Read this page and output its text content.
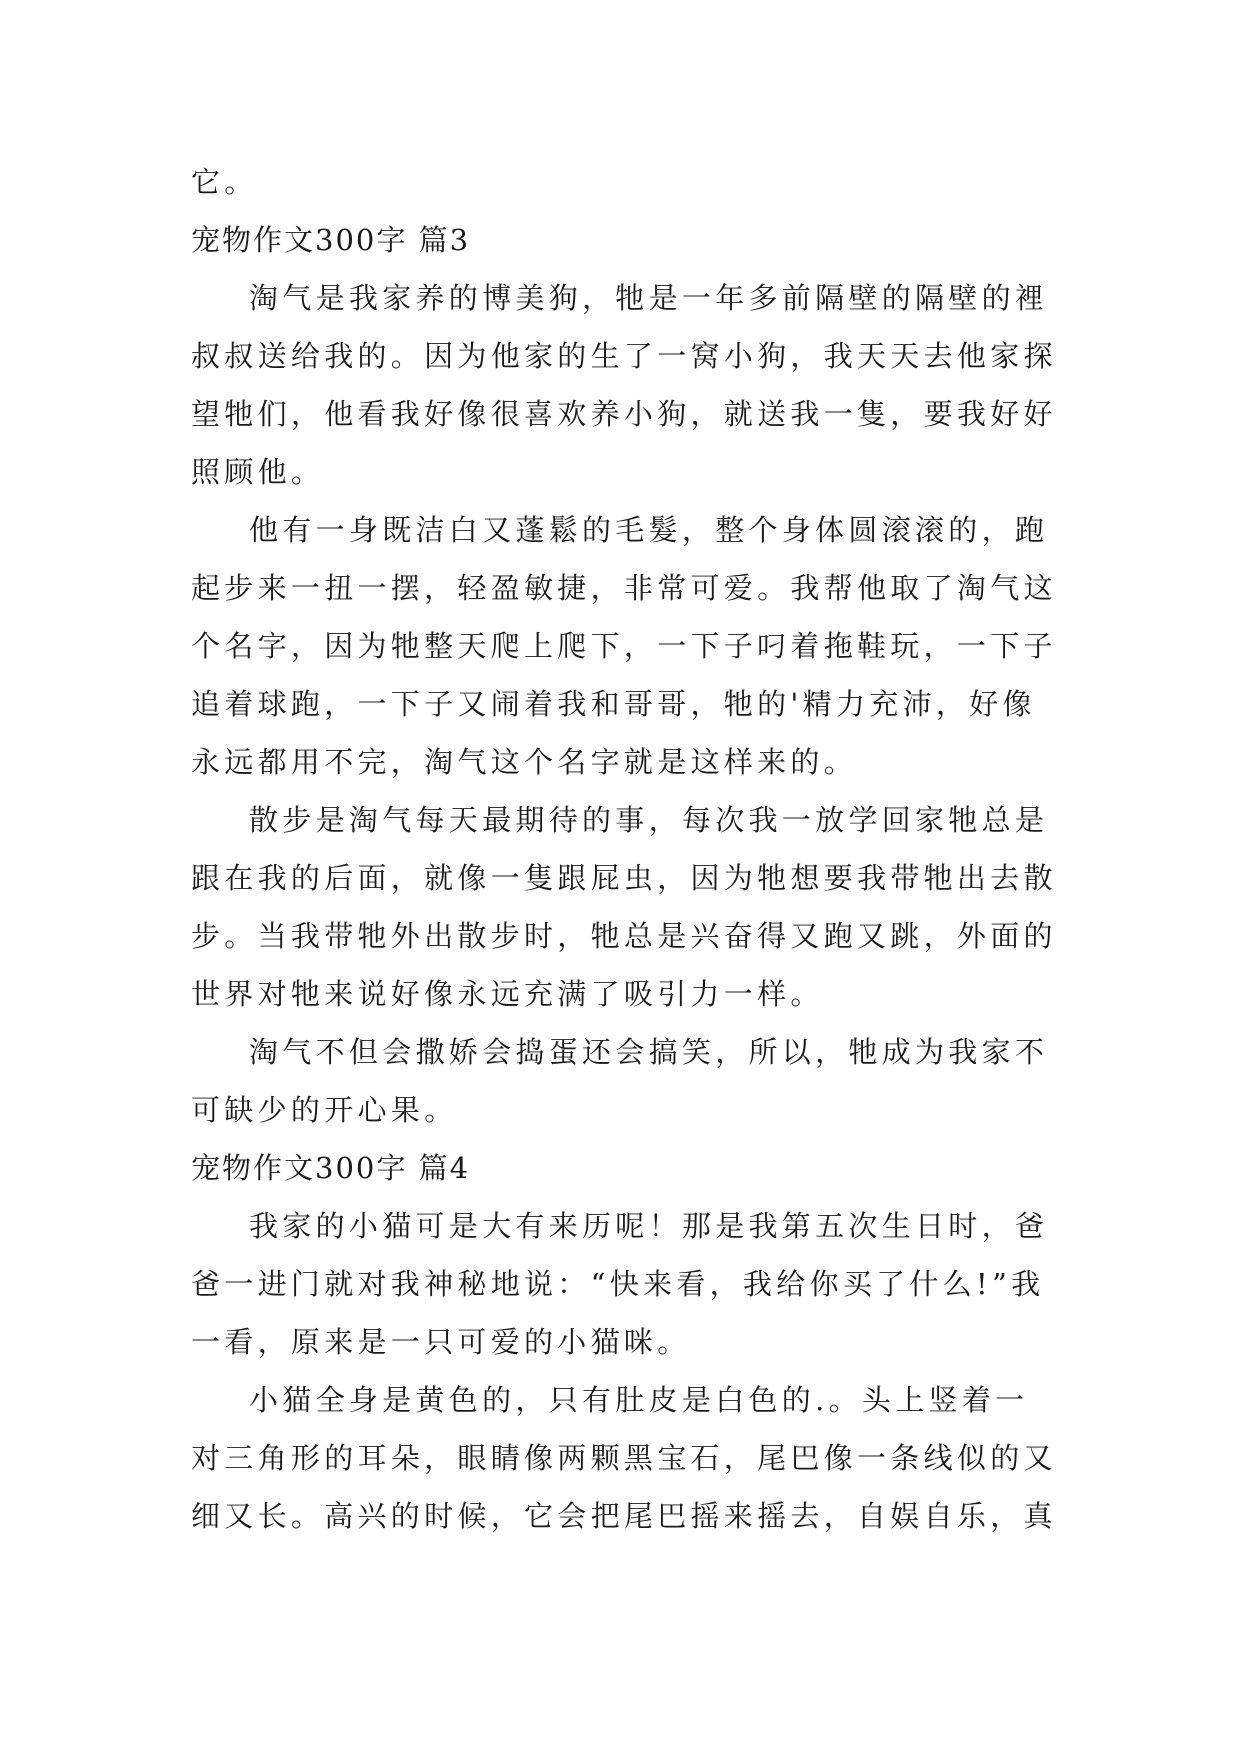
它。
宠物作文300字 篇3
淘气是我家养的博美狗，牠是一年多前隔壁的隔壁的裡
叔叔送给我的。因为他家的生了一窝小狗，我天天去他家探
望牠们，他看我好像很喜欢养小狗，就送我一隻，要我好好
照顾他。
他有一身既洁白又蓬鬆的毛髮，整个身体圆滚滚的，跑
起步来一扭一摆，轻盈敏捷，非常可爱。我帮他取了淘气这
个名字，因为牠整天爬上爬下，一下子叼着拖鞋玩，一下子
追着球跑，一下子又闹着我和哥哥，牠的'精力充沛，好像
永远都用不完，淘气这个名字就是这样来的。
散步是淘气每天最期待的事，每次我一放学回家牠总是
跟在我的后面，就像一隻跟屁虫，因为牠想要我带牠出去散
步。当我带牠外出散步时，牠总是兴奋得又跑又跳，外面的
世界对牠来说好像永远充满了吸引力一样。
淘气不但会撒娇会捣蛋还会搞笑，所以，牠成为我家不
可缺少的开心果。
宠物作文300字 篇4
我家的小猫可是大有来历呢！那是我第五次生日时，爸
爸一进门就对我神秘地说：“快来看，我给你买了什么!”我
一看，原来是一只可爱的小猫咪。
小猫全身是黄色的，只有肚皮是白色的.。头上竖着一
对三角形的耳朵，眼睛像两颗黑宝石，尾巴像一条线似的又
细又长。高兴的时候，它会把尾巴摇来摇去，自娱自乐，真
